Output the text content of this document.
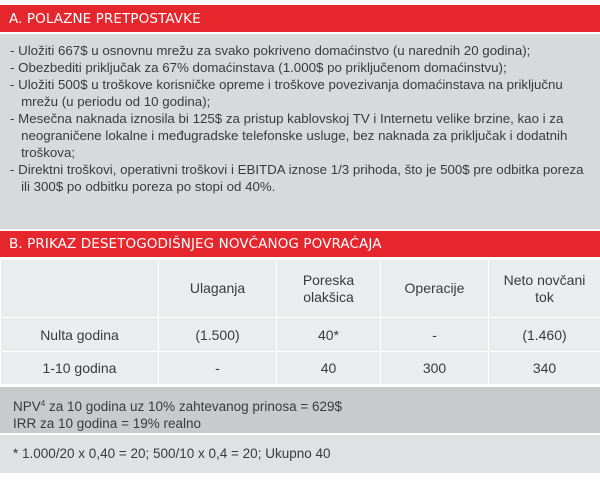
A. POLAZNE PRETPOSTAVKE

- Uložiti 667$ u osnovnu mrežu za svako pokriveno domaćinstvo (u narednih 20 godina);

- Obezbediti priključak za 67% domaćinstava (1.000$ po priključenom domaćinstvu);

- Uložiti 500$ u troškove korisničke opreme i troškove povezivanja domaćinstava na priključnu

mrežu (u periodu od 10 godina);

- Mesečna naknada iznosila bi 125$ za pristup kablovskoj TV i Internetu velike brzine, kao i za

neograničene lokalne i međugradske telefonske usluge, bez naknada za priključak i dodatnih

troškova;

- Direktni troškovi, operativni troškovi i EBITDA iznose 1/3 prihoda, što je 500$ pre odbitka poreza

ili 300$ po odbitku poreza po stopi od 40%.

B. PRIKAZ DESETOGODIŠNJEG NOVČANOG POVRAĆAJA
	Ulaganja	Poreska olakšica	Operacije	Neto novčani tok
Nulta godina	(1.500)	40*	-	(1.460)
1-10 godina	-	40	300	340
NPV$^4$ za 10 godina uz 10% zahtevanog prinosa = 629$
IRR za 10 godina = 19% realno
* 1.000/20 x 0,40 = 20; 500/10 x 0,4 = 20; Ukupno 40
